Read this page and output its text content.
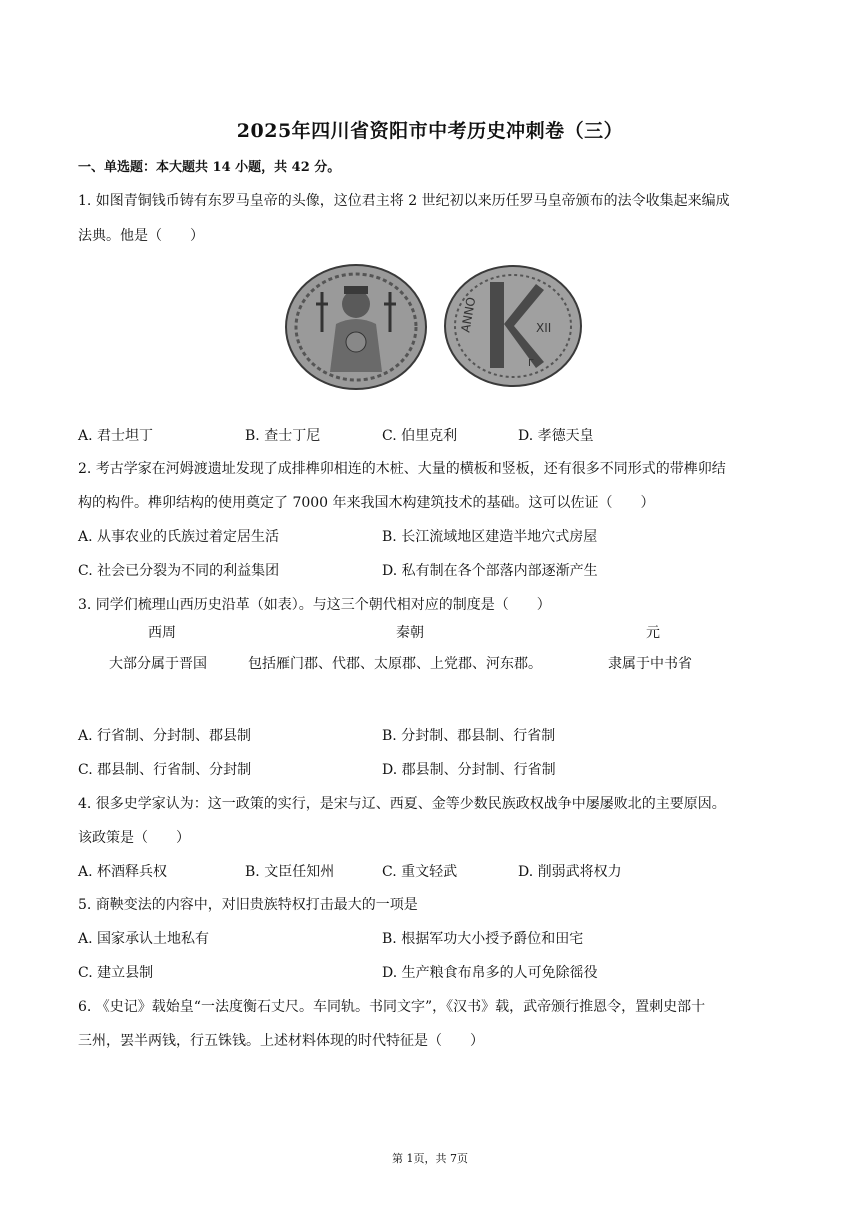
2025年四川省资阳市中考历史冲刺卷（三）
一、单选题：本大题共 14 小题，共 42 分。
1. 如图青铜钱币铸有东罗马皇帝的头像，这位君主将 2 世纪初以来历任罗马皇帝颁布的法令收集起来编成
法典。他是（　　）
ANNO	XII
Γ
A. 君士坦丁	B. 查士丁尼	C. 伯里克利	D. 孝德天皇
2. 考古学家在河姆渡遗址发现了成排榫卯相连的木桩、大量的横板和竖板，还有很多不同形式的带榫卯结
构的构件。榫卯结构的使用奠定了 7000 年来我国木构建筑技术的基础。这可以佐证（　　）
A. 从事农业的氏族过着定居生活	B. 长江流域地区建造半地穴式房屋
C. 社会已分裂为不同的利益集团	D. 私有制在各个部落内部逐渐产生
3. 同学们梳理山西历史沿革（如表）。与这三个朝代相对应的制度是（　　）
西周	秦朝	元
大部分属于晋国	包括雁门郡、代郡、太原郡、上党郡、河东郡。	隶属于中书省
A. 行省制、分封制、郡县制	B. 分封制、郡县制、行省制
C. 郡县制、行省制、分封制	D. 郡县制、分封制、行省制
4. 很多史学家认为：这一政策的实行，是宋与辽、西夏、金等少数民族政权战争中屡屡败北的主要原因。
该政策是（　　）
A. 杯酒释兵权	B. 文臣任知州	C. 重文轻武	D. 削弱武将权力
5. 商鞅变法的内容中，对旧贵族特权打击最大的一项是
A. 国家承认土地私有	B. 根据军功大小授予爵位和田宅
C. 建立县制	D. 生产粮食布帛多的人可免除徭役
6. 《史记》载始皇“一法度衡石丈尺。车同轨。书同文字”，《汉书》载，武帝颁行推恩令，置刺史部十
三州，罢半两钱，行五铢钱。上述材料体现的时代特征是（　　）
第 1页，共 7页
